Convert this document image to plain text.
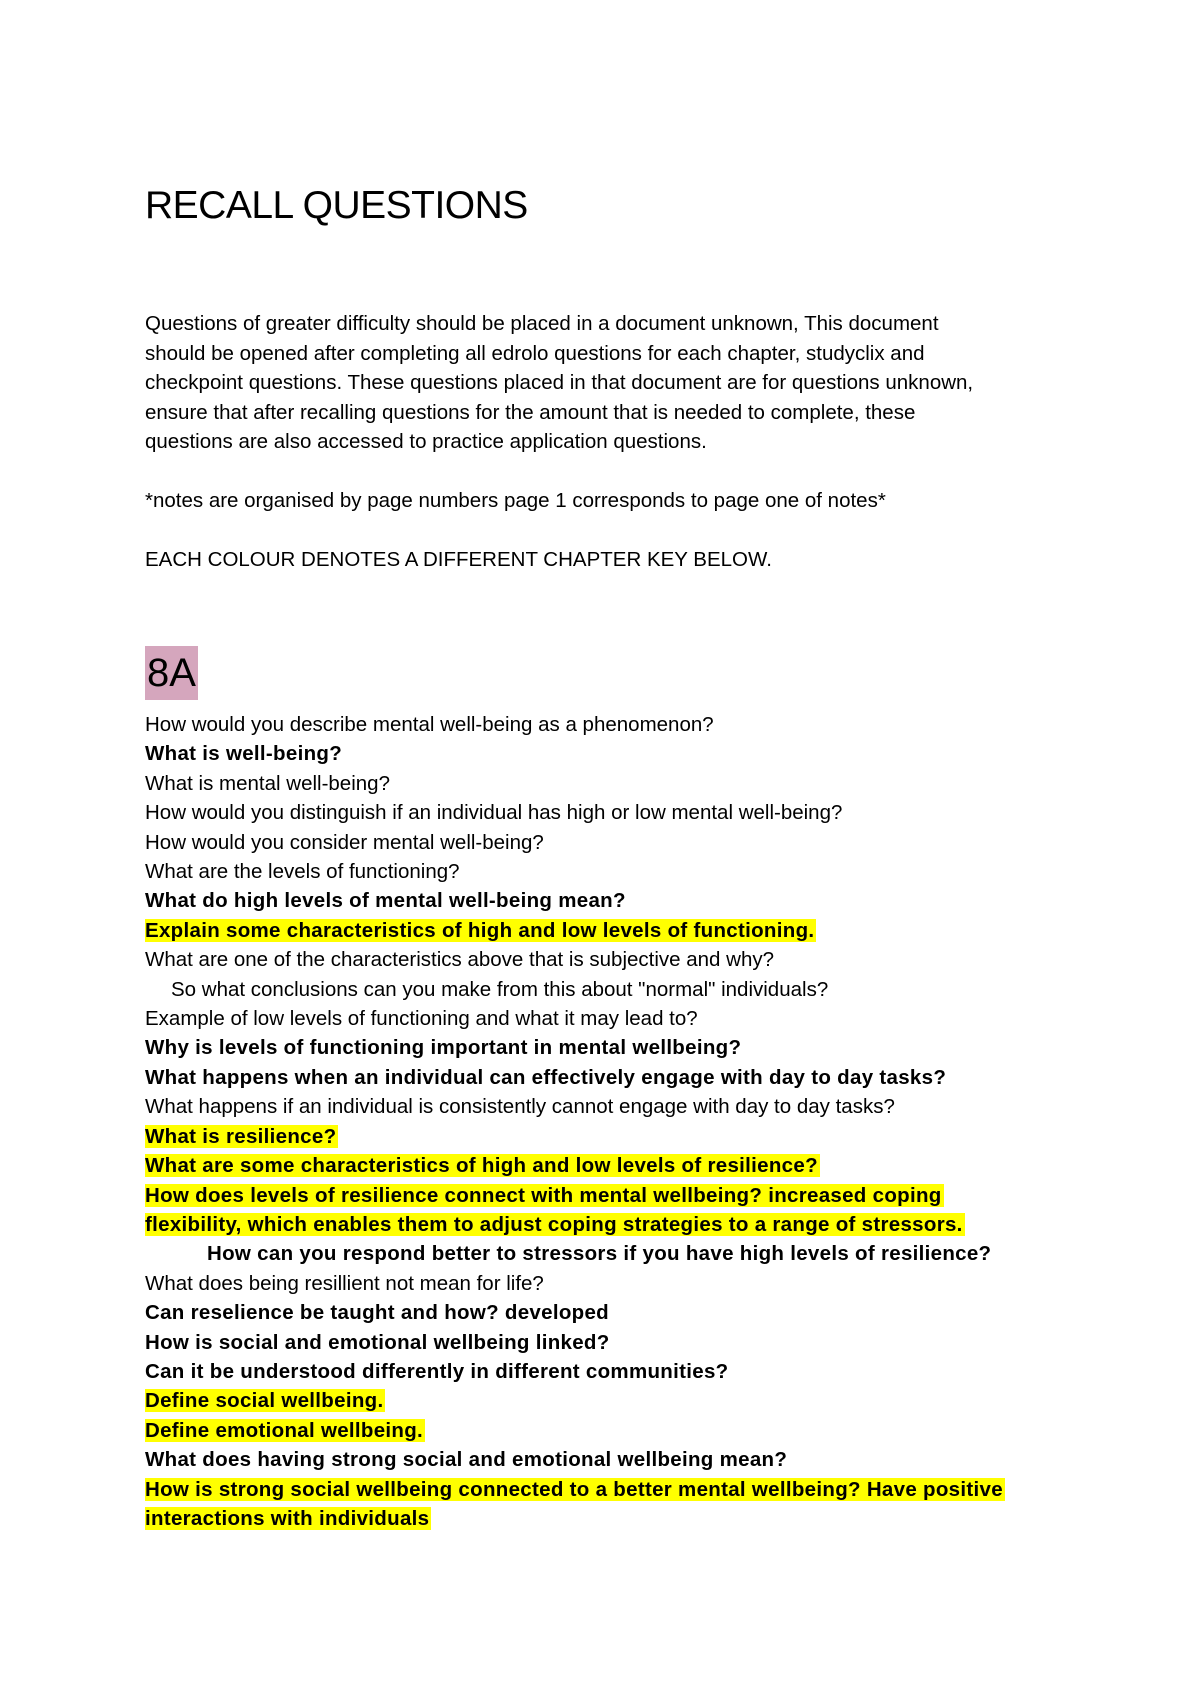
RECALL QUESTIONS

Questions of greater difficulty should be placed in a document unknown, This document

should be opened after completing all edrolo questions for each chapter, studyclix and

checkpoint questions. These questions placed in that document are for questions unknown,

ensure that after recalling questions for the amount that is needed to complete, these

questions are also accessed to practice application questions.

*notes are organised by page numbers page 1 corresponds to page one of notes*
EACH COLOUR DENOTES A DIFFERENT CHAPTER KEY BELOW.
8A
How would you describe mental well-being as a phenomenon?
What is well-being?
What is mental well-being?
How would you distinguish if an individual has high or low mental well-being?
How would you consider mental well-being?
What are the levels of functioning?
What do high levels of mental well-being mean?
Explain some characteristics of high and low levels of functioning.
What are one of the characteristics above that is subjective and why?
So what conclusions can you make from this about "normal" individuals?
Example of low levels of functioning and what it may lead to?
Why is levels of functioning important in mental wellbeing?
What happens when an individual can effectively engage with day to day tasks?
What happens if an individual is consistently cannot engage with day to day tasks?
What is resilience?
What are some characteristics of high and low levels of resilience?
How does levels of resilience connect with mental wellbeing? increased coping
flexibility, which enables them to adjust coping strategies to a range of stressors.
How can you respond better to stressors if you have high levels of resilience?
What does being resillient not mean for life?
Can reselience be taught and how? developed
How is social and emotional wellbeing linked?
Can it be understood differently in different communities?
Define social wellbeing.
Define emotional wellbeing.
What does having strong social and emotional wellbeing mean?
How is strong social wellbeing connected to a better mental wellbeing? Have positive
interactions with individuals
